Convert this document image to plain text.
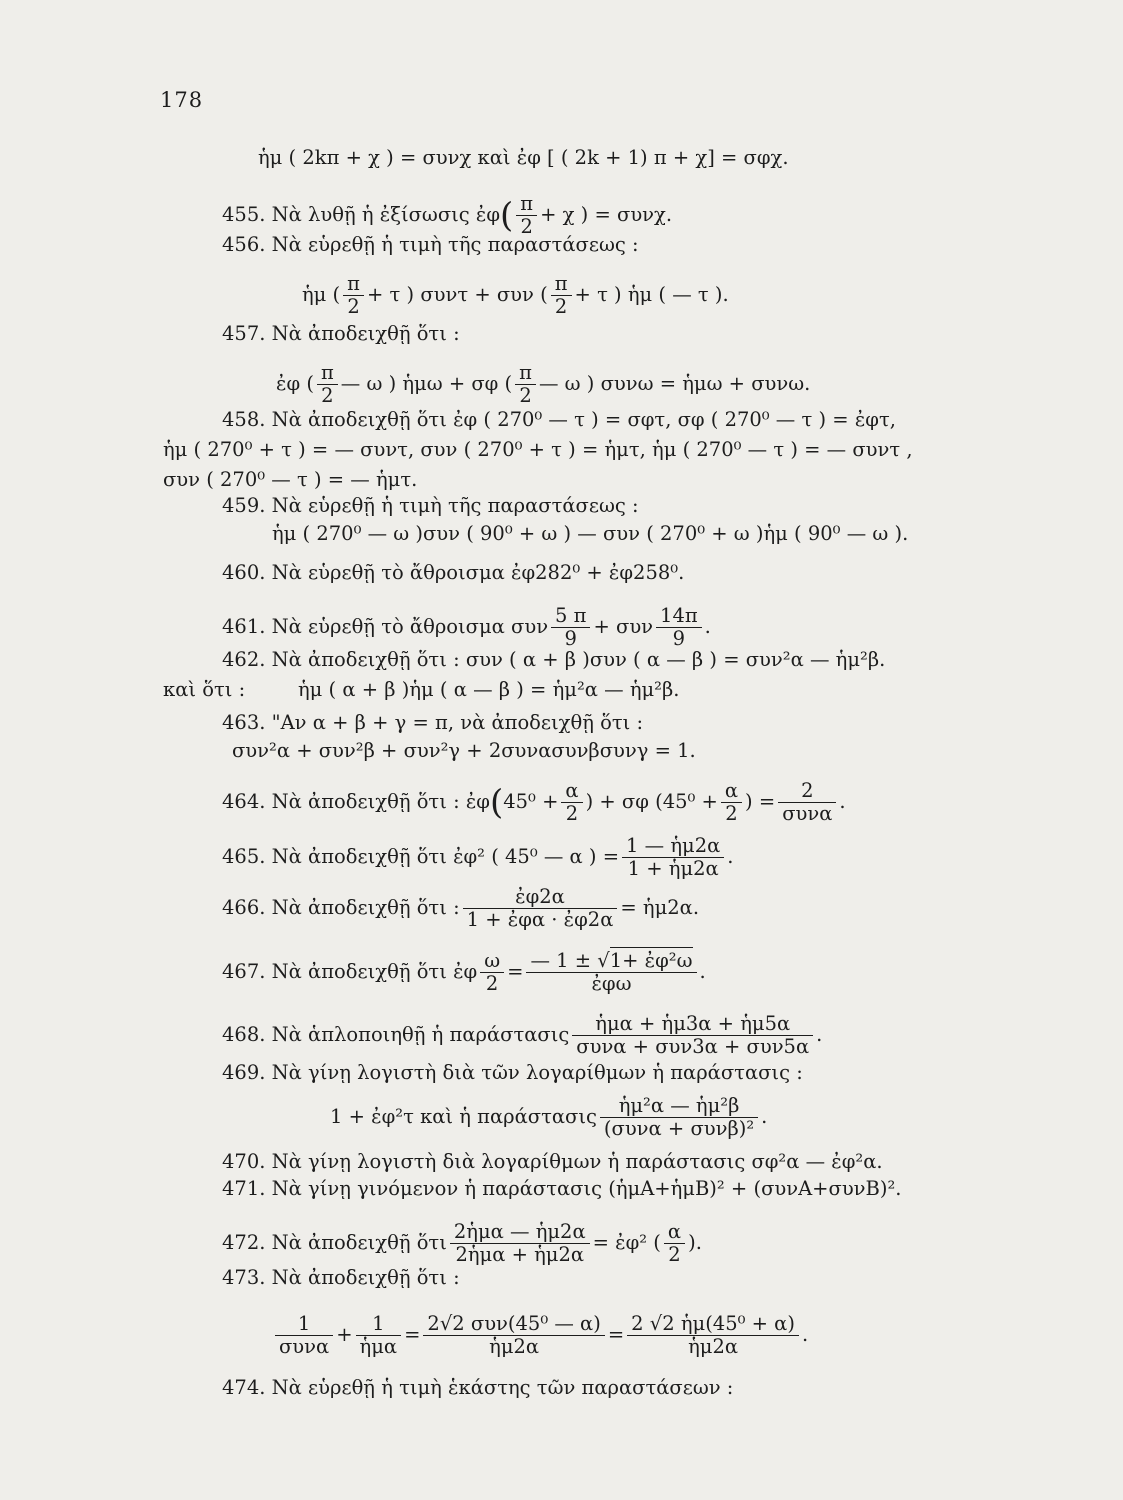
178
ἡμ ( 2kπ + χ ) = συνχ καὶ ἐφ [ ( 2k + 1) π + χ] = σφχ.
455. Νὰ λυθῇ ἡ ἐξίσωσις ἐφ( $\frac{\pi}{2} + \chi$ ) = συνχ.
456. Νὰ εὑρεθῇ ἡ τιμὴ τῆς παραστάσεως :
ἡμ ( $\frac{\pi}{2} + \tau$ ) συντ + συν ( $\frac{\pi}{2} + \tau$ ) ἡμ ( — τ ).
457. Νὰ ἀποδειχθῇ ὅτι :
ἐφ ( $\frac{\pi}{2}$ — ω ) ἡμω + σφ ( $\frac{\pi}{2}$ — ω ) συνω = ἡμω + συνω.
458. Νὰ ἀποδειχθῇ ὅτι ἐφ ( 270⁰ — τ ) = σφτ, σφ ( 270⁰ — τ ) = ἐφτ,
ἡμ ( 270⁰ + τ ) = — συντ, συν ( 270⁰ + τ ) = ἡμτ, ἡμ ( 270⁰ — τ ) = — συντ ,
συν ( 270⁰ — τ ) = — ἡμτ.
459. Νὰ εὑρεθῇ ἡ τιμὴ τῆς παραστάσεως :
ἡμ ( 270⁰ — ω )συν ( 90⁰ + ω ) — συν ( 270⁰ + ω )ἡμ ( 90⁰ — ω ).
460. Νὰ εὑρεθῇ τὸ ἄθροισμα ἐφ282⁰ + ἐφ258⁰.
461. Νὰ εὑρεθῇ τὸ ἄθροισμα συν $\frac{5 \pi}{9} + \sigma\upsilon\nu \frac{14\pi}{9}$ .
462. Νὰ ἀποδειχθῇ ὅτι : συν ( α + β )συν ( α — β ) = συν²α — ἡμ²β.
καὶ ὅτι :	ἡμ ( α + β )ἡμ ( α — β ) = ἡμ²α — ἡμ²β.
463. "Αν α + β + γ = π, νὰ ἀποδειχθῇ ὅτι :
συν²α + συν²β + συν²γ + 2συνασυνβσυνγ = 1.
464. Νὰ ἀποδειχθῇ ὅτι : ἐφ(45⁰ + $\frac{\alpha}{2}$ ) + σφ ($45^0 + \frac{\alpha}{2}$ ) = $\frac{2}{\text{συνα}}$ .
465. Νὰ ἀποδειχθῇ ὅτι ἐφ² ( 45⁰ — α ) = $\frac{\text{1 — ἡμ2α}}{\text{1 + ἡμ2α}}$ .
466. Νὰ ἀποδειχθῇ ὅτι : $\frac{\text{ἐφ2α}}{\text{1 + ἐφα · ἐφ2α}}$ = ἡμ2α.
467. Νὰ ἀποδειχθῇ ὅτι ἐφ $\frac{\omega}{2} = \frac{\text{— 1 ± √1+ ἐφ²ω}}{\text{ἐφω}}$ .
468. Νὰ ἁπλοποιηθῇ ἡ παράστασις $\frac{\text{ἡμα + ἡμ3α + ἡμ5α}}{\text{συνα + συν3α + συν5α}}$ .
469. Νὰ γίνῃ λογιστὴ διὰ τῶν λογαρίθμων ἡ παράστασις :
1 + ἐφ²τ καὶ ἡ παράστασις $\frac{\text{ἡμ²α — ἡμ²β}}{\text{(συνα + συνβ)²}}$ .
470. Νὰ γίνῃ λογιστὴ διὰ λογαρίθμων ἡ παράστασις σφ²α — ἐφ²α.
471. Νὰ γίνῃ γινόμενον ἡ παράστασις (ἡμΑ+ἡμΒ)² + (συνΑ+συνΒ)².
472. Νὰ ἀποδειχθῇ ὅτι $\frac{\text{2ἡμα — ἡμ2α}}{\text{2ἡμα + ἡμ2α}}$ = ἐφ² ( $\frac{\alpha}{2}$ ).
473. Νὰ ἀποδειχθῇ ὅτι :
$\frac{1}{\text{συνα}} + \frac{1}{\text{ἡμα}} = \frac{\text{2√2 συν(45⁰ — α)}}{\text{ἡμ2α}} = \frac{\text{2 √2 ἡμ(45⁰ + α)}}{\text{ἡμ2α}}$ .
474. Νὰ εὑρεθῇ ἡ τιμὴ ἑκάστης τῶν παραστάσεων :
